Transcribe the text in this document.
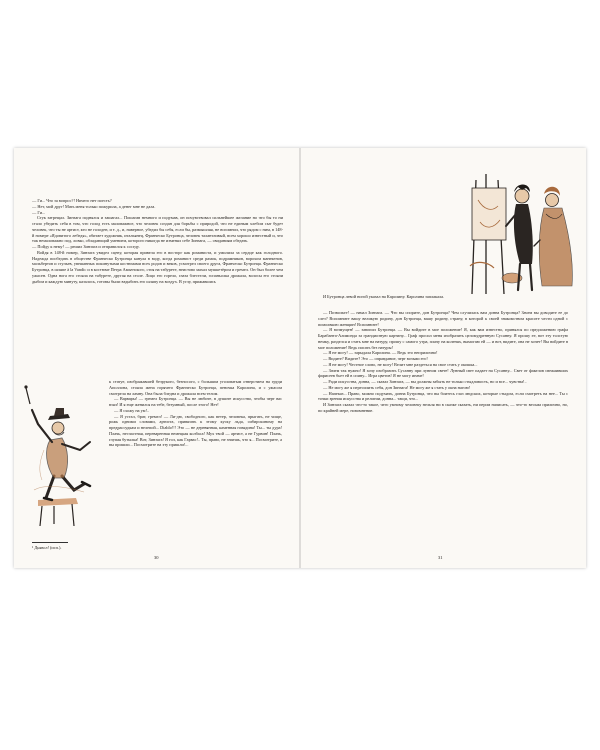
— Ги... Что за вопрос?! Ничего нет поесть?

— Нет, мой друг! Мать меня только пожурила, а денег мне не дала.

— Ги...

Стук затрещал. Зинзага поднялся и зашагал... Пошагав немного и подумав, он почувствовал сильнейшее желание но что бы то ни стало убедить себя в том, что голод есть маловажное, что человек создан для борьбы с природой, что не единым хлебом сыт будет человек, что ты не артист, кто не голоден, и т. д., и, наверное, убедил бы себя, если бы, размышляя, не вспомнил, что рядом с ним, в 148-й номере «Ядовитого лебедя», обитает художник, итальянец, Франческо Бутронца, человек талантливый, всем хорошо известный и, что так немаловажно под, ловко, обладающий умением, которого никогда не изменял себе Зинзага, — свиданиям обедать.

— Пойду к нему! — решил Зинзага и отправился к соседу.

Войдя в 148-й номер, Зинзага увидел сцену, которая привела его в восторг как романиста, и умилила за сердце как голодного. Надежда пообедать в обществе Франческо Бутронца канула в воду, когда романист среди рамок, подрамников, ворохом манекенов, мольбертов и стульев, увешанных покинутыми костюмами всех родов и веков, усмотрел своего друга, Франческо Бутронца. Франческо Бутронца, в шляпе à la Vandic и в костюме Петра Амьенского, стоя на табурете, неистово махал мушкетёром и гремел. Он был более чем ужасен. Одна нога его стояла на табурете, другая на столе. Лицо его горело, глаза блестели, эспаньолка дрожала, волосы его стояли дыбом и каждую минуту, казалось, готовы были вздыбить его шляпу на воздух. В углу, прижавшись

к статуе, изображавшей безрукого, безносого, с большим уголоватым отверстием на груди Аполлона, стояла жена горячего Франческо Бутронца, пеночка Каролина, и с ужасом смотрела на ламну. Она была бледна и дрожала всем телом.

— Варвары! — гремел Бутронца. — Вы не любите, в душите искусство, чтобы черт вас взял! И я еще женился на тебе, безумный, после этого! Нет!

— Я схожу на ум!..

— Я устал, брат, гремел! — Ли-дю, свободного, как ветер, человека, прыгать, не чище, рожь одними словами, артиста, привязать к этому куску льда, сибирскиному на предрассудкам и нелепой... Diablo!!! Это — не деревянная, каменная говядина! Ты... ты дура! Плачь, несчастная, переваренная немецкая колбаса! Мух твой — артист, а не Гурвин! Плачь, глупая бутылка! Вот, Зинзага! Я гол, как Гарвас!.. Ты, право, не знаешь, что я... Посмотрите, а вы пришли... Посмотрите на эту пришли!...

¹ Дьявол! (исп.).
30

И Бутронца левой ногой указал на Каролину. Каролина заплакала.

— Позвольте! — начал Зинзага. — Что вы спорите, дон Бутронца? Чем случилась вам донна Бутронца? Зачем вы доводите ее до слез? Вспомните вашу великую родину, дон Бутронца, вашу родину, страну, в которой к своей знакомством красоте чести одной с помолвкою женщин! Вспомните!

— Я возмущен! — завопил Бутронца. — Вы войдите в мое положение! Я, как вам известно, принялся по предложению графа Барабанта-Алимонда за грандиозную картину... Граф просил меня изобразить целомудренную Сусанну. Я прошу ее, вот эту толстую немку, разделся и стать мне на натуру, прошу с самого утра, плачу на коленях, вымогаю ей — и вот, видите, она не хочет! Вы войдите в мое положение! Ведь писать без натуры!

— Я не могу! — зарыдала Каролина. — Ведь это неприлично!

— Видите? Видите? Это — оправдание, черт возьми его!

— Я не могу! Честное слово, не могу! Велит мне раздеться на свое стать у окошка...

— Зачем так нужно! Я хочу изобразить Сусанну при лунном свете! Лунный свет падает на Сусанну... Свет от факелов свежаивших фарисеев бьет ей в спину... Игра цветов! Я не могу иначе!

— Ради искусства, донна, — сказал Зинзага, — вы должны забыть не только стыдливость, но и все... чувства!..

— Не могу же я пересилить себя, дон Зинзага! Не могу же я стать у окна нагою!

— Напеказ... Право, можно подумать, донна Бутронца, что вы боитесь глаз людских, которые стыдом, если смотреть на нее... Ты с точки зрения искусства и религии, донна... тащи, что...

И Зинзага сказал что-то такое, чего умному человеку нельзя ни в сказке сказать, ни пером написать, — что-то весьма прилично, но, по крайней мере, новомнение.

31
